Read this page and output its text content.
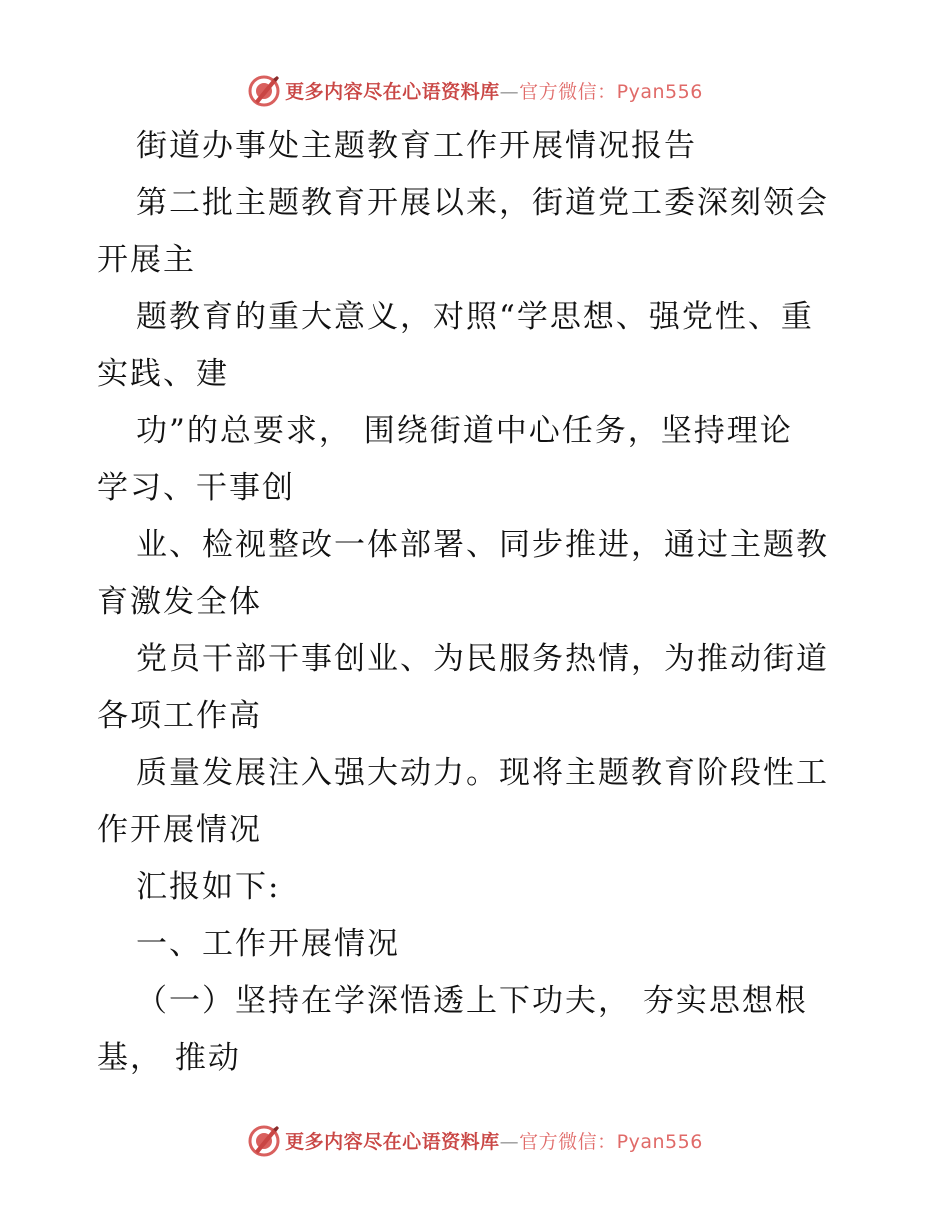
更多内容尽在心语资料库—官方微信：Pyan556
街道办事处主题教育工作开展情况报告
第二批主题教育开展以来，街道党工委深刻领会
开展主
题教育的重大意义，对照“学思想、强党性、重
实践、建
功”的总要求， 围绕街道中心任务，坚持理论
学习、干事创
业、检视整改一体部署、同步推进，通过主题教
育激发全体
党员干部干事创业、为民服务热情，为推动街道
各项工作高
质量发展注入强大动力。现将主题教育阶段性工
作开展情况
汇报如下:
一、工作开展情况
（一）坚持在学深悟透上下功夫， 夯实思想根
基， 推动
更多内容尽在心语资料库—官方微信：Pyan556
